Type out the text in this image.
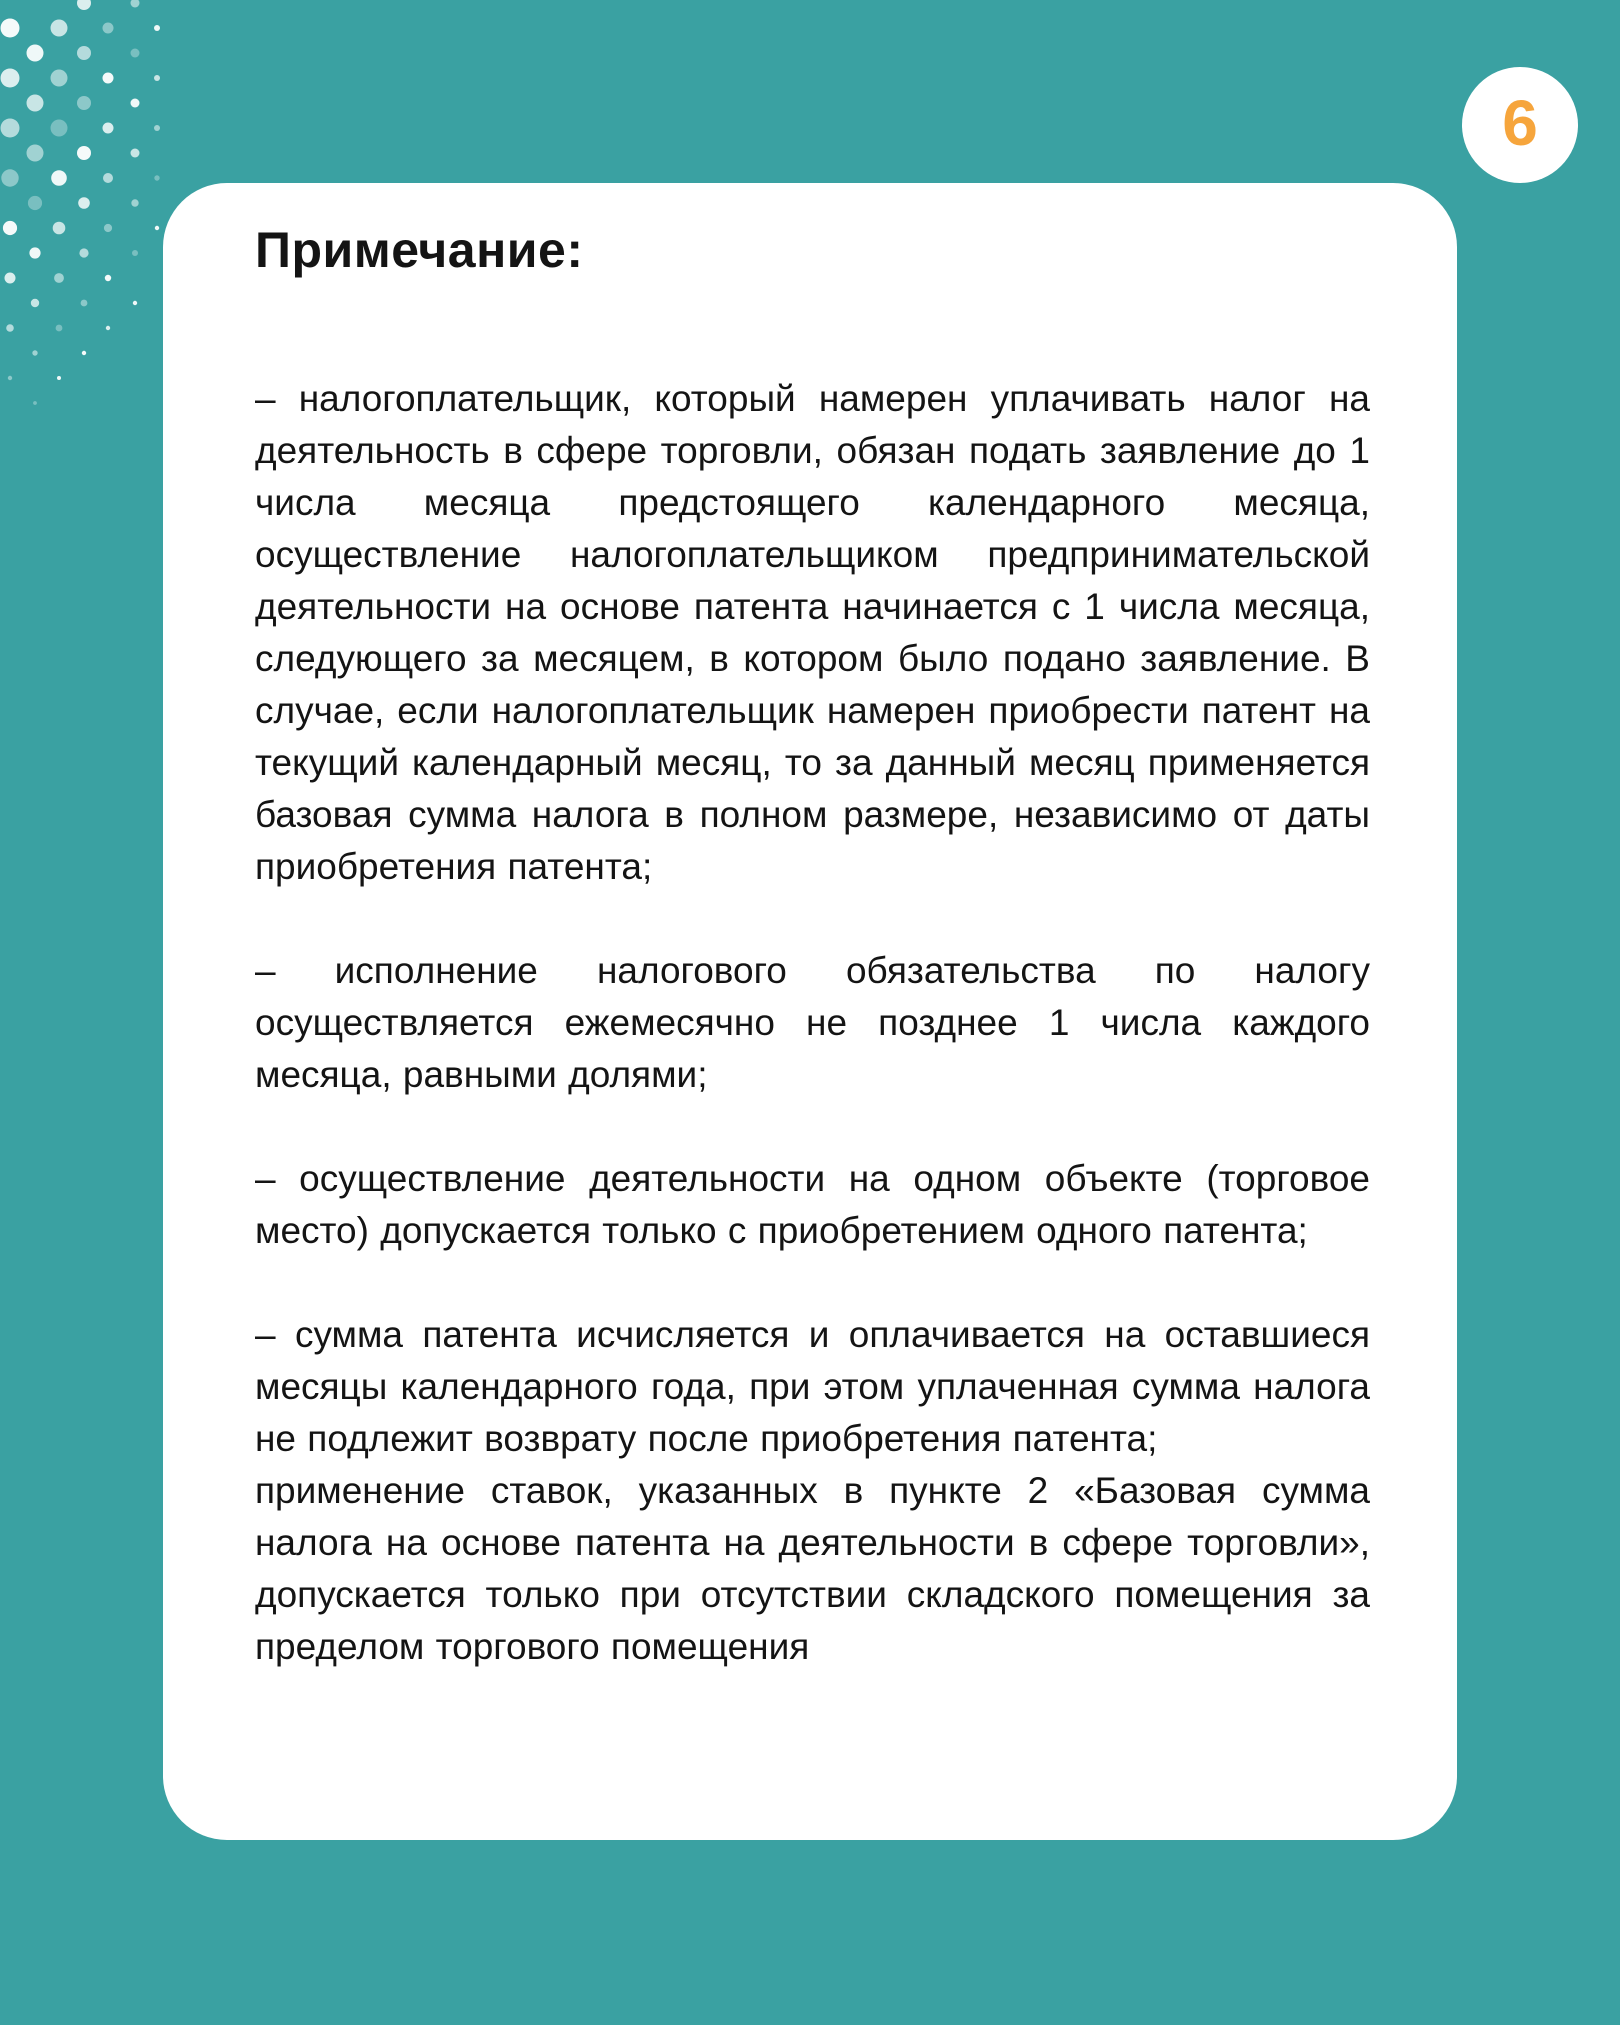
6
Примечание:

– налогоплательщик, который намерен уплачивать налог на деятельность в сфере торговли, обязан подать заявление до 1 числа месяца предстоящего календарного месяца, осуществление налогоплательщиком предпринимательской деятельности на основе патента начинается с 1 числа месяца, следующего за месяцем, в котором было подано заявление. В случае, если налогоплательщик намерен приобрести патент на текущий календарный месяц, то за данный месяц применяется базовая сумма налога в полном размере, независимо от даты приобретения патента;

– исполнение налогового обязательства по налогу осуществляется ежемесячно не позднее 1 числа каждого месяца, равными долями;

– осуществление деятельности на одном объекте (торговое место) допускается только с приобретением одного патента;

– сумма патента исчисляется и оплачивается на оставшиеся месяцы календарного года, при этом уплаченная сумма налога не подлежит возврату после приобретения патента;

применение ставок, указанных в пункте 2 «Базовая сумма налога на основе патента на деятельности в сфере торговли», допускается только при отсутствии складского помещения за пределом торгового помещения
